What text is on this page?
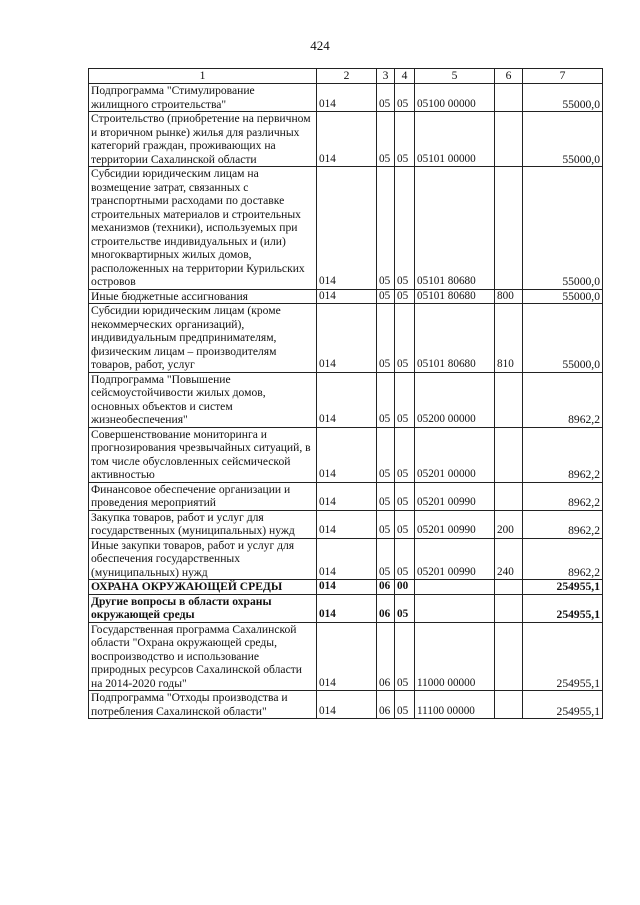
424
1	2	3	4	5	6	7
Подпрограмма "Стимулирование жилищного строительства"	014	05	05	05100 00000		55000,0
Строительство (приобретение на первичном и вторичном рынке) жилья для различных категорий граждан, проживающих на территории Сахалинской области	014	05	05	05101 00000		55000,0
Субсидии юридическим лицам на возмещение затрат, связанных с транспортными расходами по доставке строительных материалов и строительных механизмов (техники), используемых при строительстве индивидуальных и (или) многоквартирных жилых домов, расположенных на территории Курильских островов	014	05	05	05101 80680		55000,0
Иные бюджетные ассигнования	014	05	05	05101 80680	800	55000,0
Субсидии юридическим лицам (кроме некоммерческих организаций), индивидуальным предпринимателям, физическим лицам – производителям товаров, работ, услуг	014	05	05	05101 80680	810	55000,0
Подпрограмма "Повышение сейсмоустойчивости жилых домов, основных объектов и систем жизнеобеспечения"	014	05	05	05200 00000		8962,2
Совершенствование мониторинга и прогнозирования чрезвычайных ситуаций, в том числе обусловленных сейсмической активностью	014	05	05	05201 00000		8962,2
Финансовое обеспечение организации и проведения мероприятий	014	05	05	05201 00990		8962,2
Закупка товаров, работ и услуг для государственных (муниципальных) нужд	014	05	05	05201 00990	200	8962,2
Иные закупки товаров, работ и услуг для обеспечения государственных (муниципальных) нужд	014	05	05	05201 00990	240	8962,2
ОХРАНА ОКРУЖАЮЩЕЙ СРЕДЫ	014	06	00			254955,1
Другие вопросы в области охраны окружающей среды	014	06	05			254955,1
Государственная программа Сахалинской области "Охрана окружающей среды, воспроизводство и использование природных ресурсов Сахалинской области на 2014-2020 годы"	014	06	05	11000 00000		254955,1
Подпрограмма "Отходы производства и потребления Сахалинской области"	014	06	05	11100 00000		254955,1
